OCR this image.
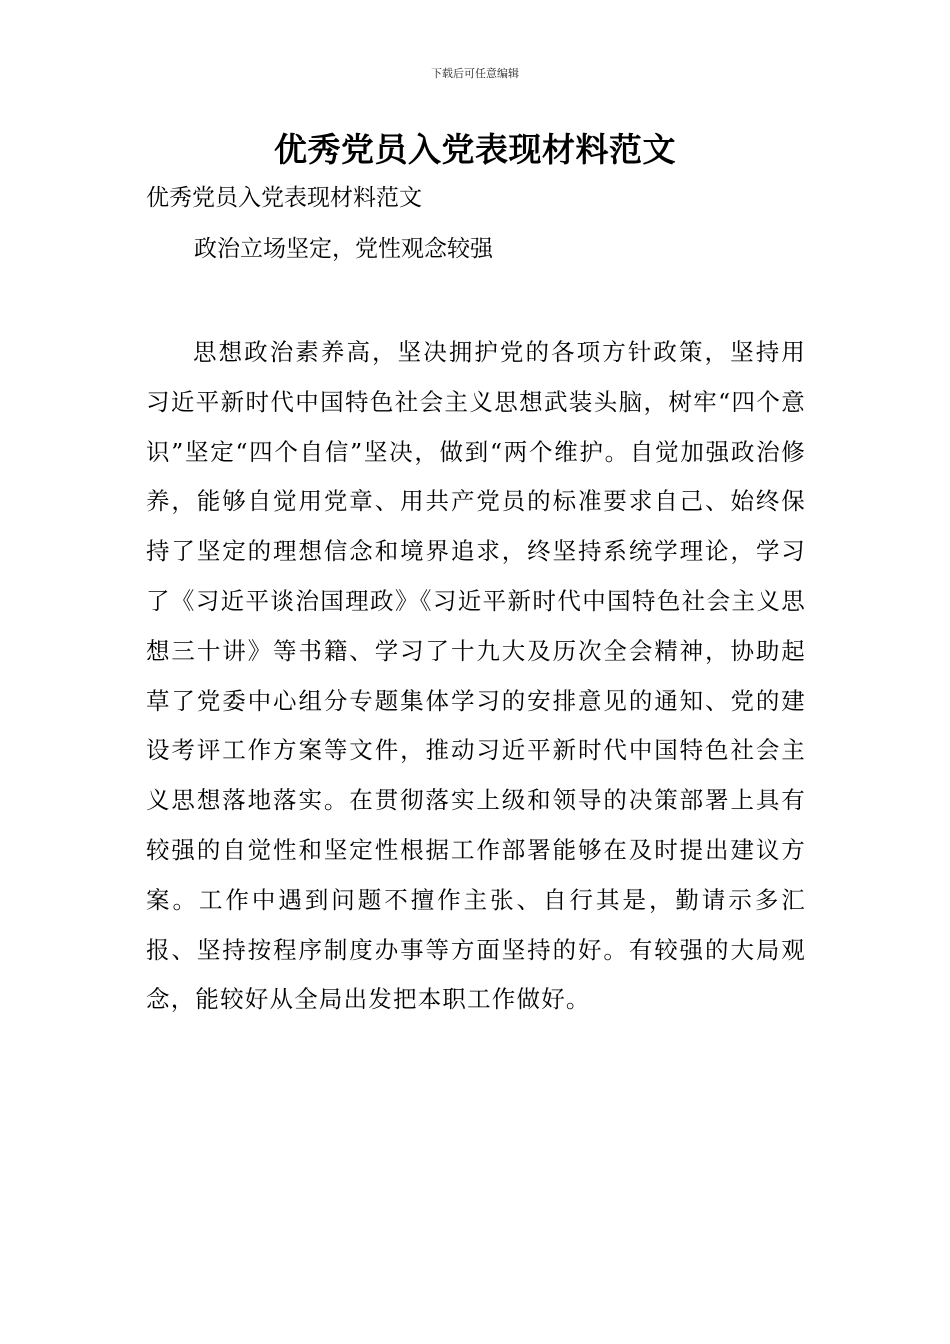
下载后可任意编辑
优秀党员入党表现材料范文
优秀党员入党表现材料范文
政治立场坚定，党性观念较强

思想政治素养高，坚决拥护党的各项方针政策，坚持用习近平新时代中国特色社会主义思想武装头脑，树牢“四个意识”坚定“四个自信”坚决，做到“两个维护。自觉加强政治修养，能够自觉用党章、用共产党员的标准要求自己、始终保持了坚定的理想信念和境界追求，终坚持系统学理论，学习了《习近平谈治国理政》《习近平新时代中国特色社会主义思想三十讲》等书籍、学习了十九大及历次全会精神，协助起草了党委中心组分专题集体学习的安排意见的通知、党的建设考评工作方案等文件，推动习近平新时代中国特色社会主义思想落地落实。在贯彻落实上级和领导的决策部署上具有较强的自觉性和坚定性根据工作部署能够在及时提出建议方案。工作中遇到问题不擅作主张、自行其是，勤请示多汇报、坚持按程序制度办事等方面坚持的好。有较强的大局观念，能较好从全局出发把本职工作做好。
